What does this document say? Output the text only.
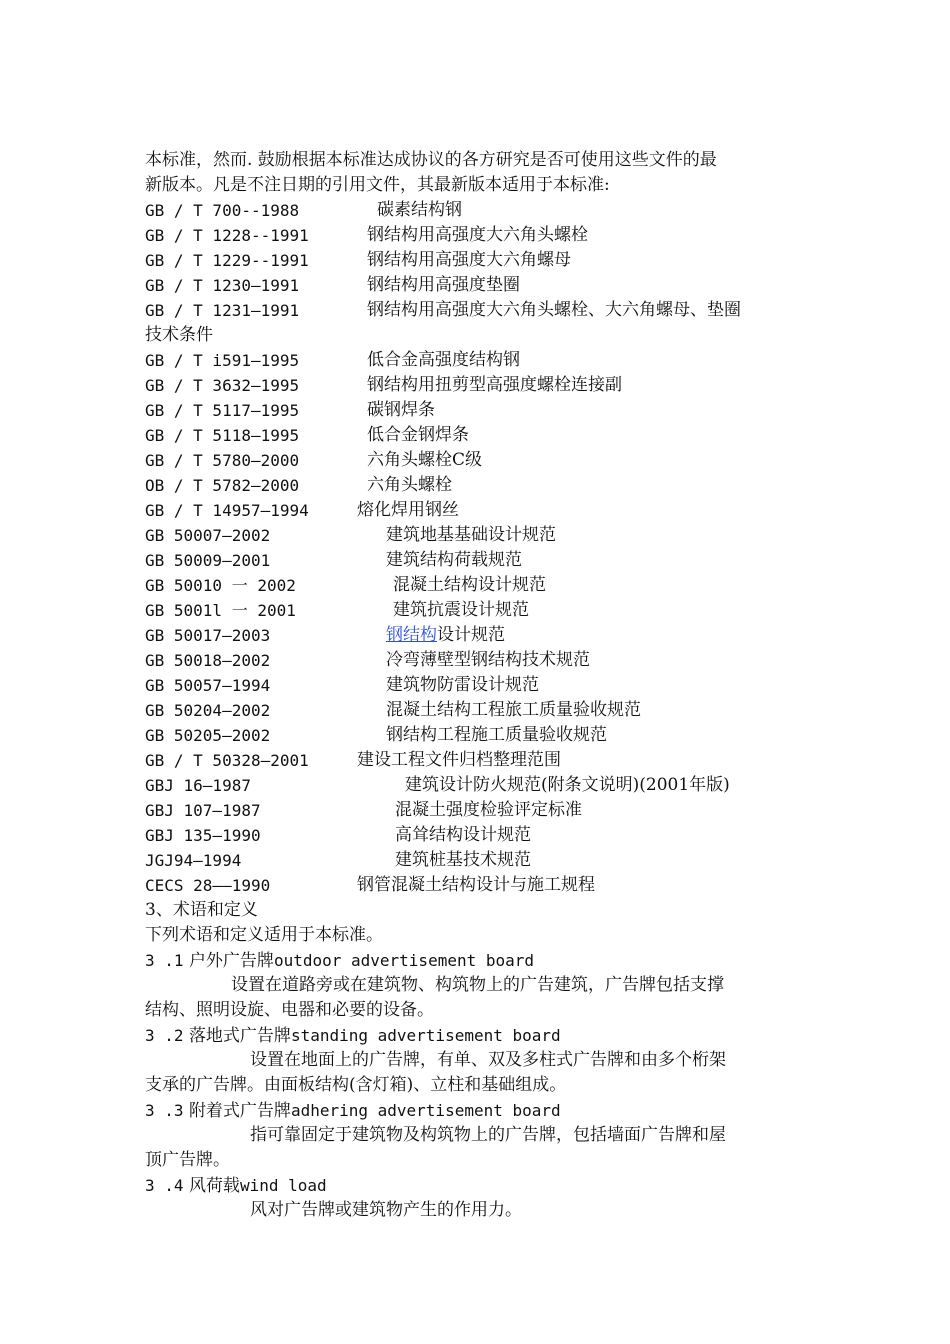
本标准，然而. 鼓励根据本标准达成协议的各方研究是否可使用这些文件的最
新版本。凡是不注日期的引用文件，其最新版本适用于本标准:
GB / T 700--1988	碳素结构钢
GB / T 1228--1991	钢结构用高强度大六角头螺栓
GB / T 1229--1991	钢结构用高强度大六角螺母
GB / T 1230—1991	钢结构用高强度垫圈
GB / T 1231—1991	钢结构用高强度大六角头螺栓、大六角螺母、垫圈
技术条件
GB / T i591—1995	低合金高强度结构钢
GB / T 3632—1995	钢结构用扭剪型高强度螺栓连接副
GB / T 5117—1995	碳钢焊条
GB / T 5118—1995	低合金钢焊条
GB / T 5780—2000	六角头螺栓C级
OB / T 5782—2000	六角头螺栓
GB / T 14957—1994	熔化焊用钢丝
GB 50007—2002	建筑地基基础设计规范
GB 50009—2001	建筑结构荷载规范
GB 50010 一 2002	混凝土结构设计规范
GB 5001l 一 2001	建筑抗震设计规范
GB 50017—2003	钢结构设计规范
GB 50018—2002	冷弯薄壁型钢结构技术规范
GB 50057—1994	建筑物防雷设计规范
GB 50204—2002	混凝土结构工程旅工质量验收规范
GB 50205—2002	钢结构工程施工质量验收规范
GB / T 50328—2001	建设工程文件归档整理范围
GBJ 16—1987	建筑设计防火规范(附条文说明)(2001年版)
GBJ 107—1987	混凝土强度检验评定标准
GBJ 135—1990	高耸结构设计规范
JGJ94—1994	建筑桩基技术规范
CECS 28——1990	钢管混凝土结构设计与施工规程
3、术语和定义
下列术语和定义适用于本标准。
3 .1 户外广告牌outdoor advertisement board
设置在道路旁或在建筑物、构筑物上的广告建筑，广告牌包括支撑
结构、照明设旋、电器和必要的设备。
3 .2 落地式广告牌standing advertisement board
设置在地面上的广告牌，有单、双及多柱式广告牌和由多个桁架
支承的广告牌。由面板结构(含灯箱)、立柱和基础组成。
3 .3 附着式广告牌adhering advertisement board
指可靠固定于建筑物及构筑物上的广告牌，包括墙面广告牌和屋
顶广告牌。
3 .4 风荷载wind load
风对广告牌或建筑物产生的作用力。
